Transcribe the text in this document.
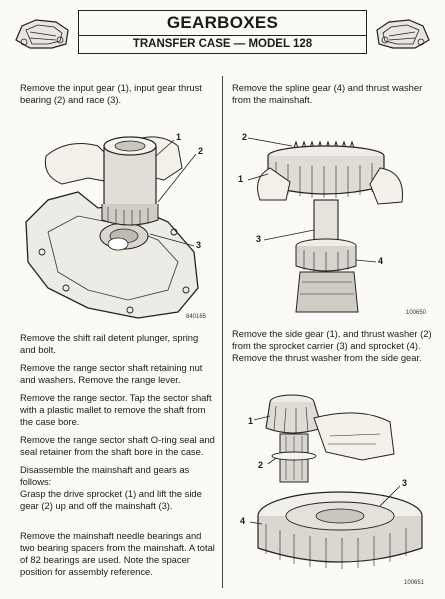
GEARBOXES
TRANSFER CASE — MODEL 128

Remove the input gear (1), input gear thrust bearing (2) and race (3).

1
2
3
840165

Remove the shift rail detent plunger, spring and bolt.

Remove the range sector shaft retaining nut and washers. Remove the range lever.

Remove the range sector. Tap the sector shaft with a plastic mallet to remove the shaft from the case bore.

Remove the range sector shaft O-ring seal and seal retainer from the shaft bore in the case.

Disassemble the mainshaft and gears as follows:

Grasp the drive sprocket (1) and lift the side gear (2) up and off the mainshaft (3).

Remove the mainshaft needle bearings and two bearing spacers from the mainshaft. A total of 82 bearings are used. Note the spacer position for assembly reference.

Remove the spline gear (4) and thrust washer from the mainshaft.

2
1
3
4
100650

Remove the side gear (1), and thrust washer (2) from the sprocket carrier (3) and sprocket (4). Remove the thrust washer from the side gear.

1
2
3
4
100651
